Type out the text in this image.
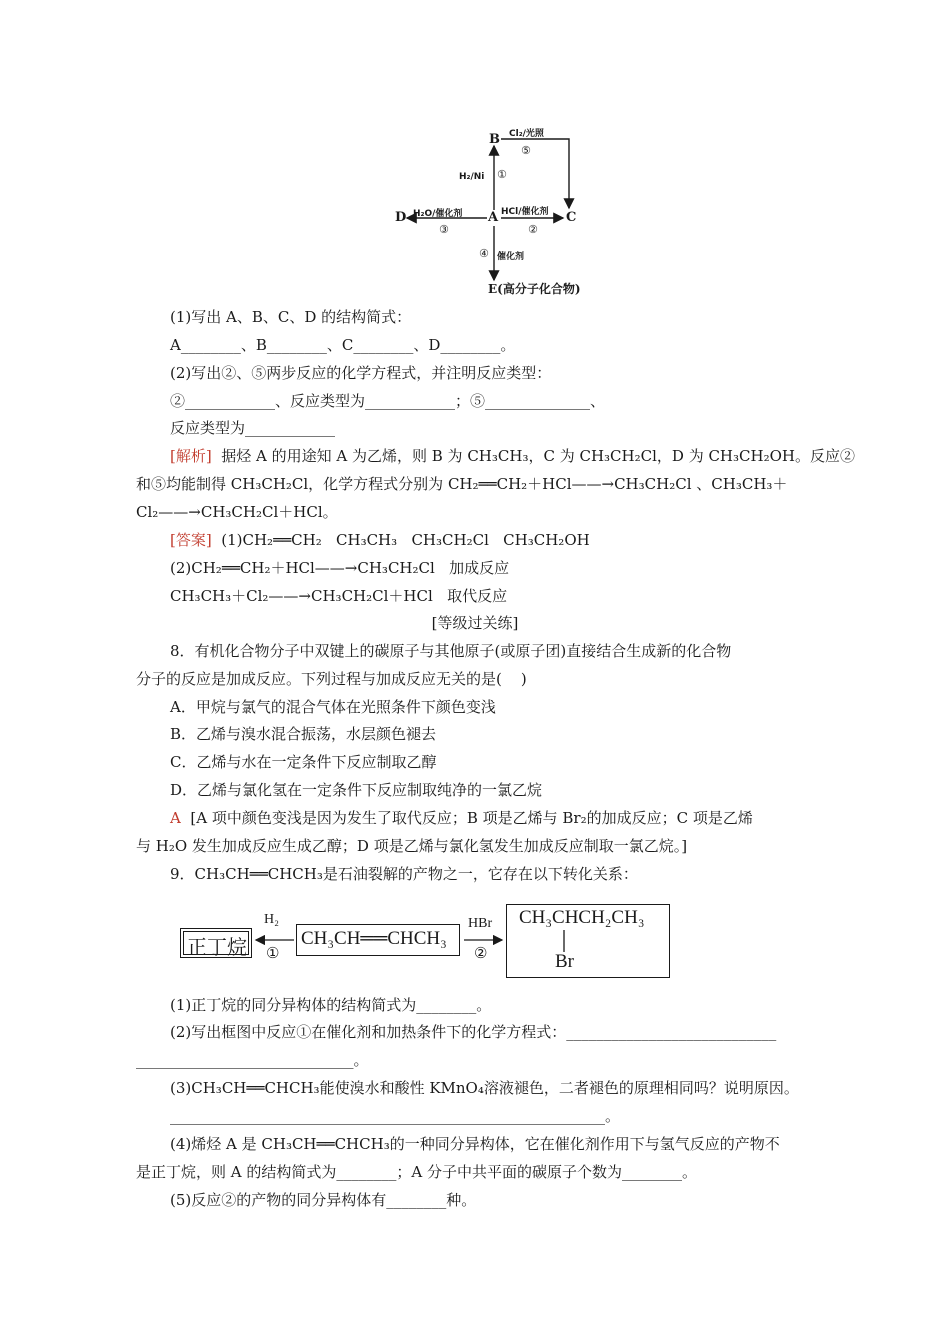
B
A	C
D
E(高分子化合物)
Cl₂/光照
⑤
H₂/Ni ①
HCl/催化剂
②
H₂O/催化剂
③
催化剂
④
(1)写出 A、B、C、D 的结构简式：
A________、B________、C________、D________。
(2)写出②、⑤两步反应的化学方程式，并注明反应类型：
②____________、反应类型为____________；⑤______________、
反应类型为____________
[解析]  据烃 A 的用途知 A 为乙烯，则 B 为 CH₃CH₃，C 为 CH₃CH₂Cl，D 为 CH₃CH₂OH。反应②
和⑤均能制得 CH₃CH₂Cl，化学方程式分别为 CH₂══CH₂＋HCl——→CH₃CH₂Cl 、CH₃CH₃＋
Cl₂——→CH₃CH₂Cl＋HCl。
[答案]  (1)CH₂══CH₂   CH₃CH₃   CH₃CH₂Cl   CH₃CH₂OH
(2)CH₂══CH₂＋HCl——→CH₃CH₂Cl   加成反应
CH₃CH₃＋Cl₂——→CH₃CH₂Cl＋HCl   取代反应
[等级过关练]
8．有机化合物分子中双键上的碳原子与其他原子(或原子团)直接结合生成新的化合物
分子的反应是加成反应。下列过程与加成反应无关的是(    )
A．甲烷与氯气的混合气体在光照条件下颜色变浅
B．乙烯与溴水混合振荡，水层颜色褪去
C．乙烯与水在一定条件下反应制取乙醇
D．乙烯与氯化氢在一定条件下反应制取纯净的一氯乙烷
A  [A 项中颜色变浅是因为发生了取代反应；B 项是乙烯与 Br₂的加成反应；C 项是乙烯
与 H₂O 发生加成反应生成乙醇；D 项是乙烯与氯化氢发生加成反应制取一氯乙烷。]
9．CH₃CH══CHCH₃是石油裂解的产物之一，它存在以下转化关系：
正丁烷
H₂
①
CH₃CH══CHCH₃
HBr
②
CH₃CHCH₂CH₃
Br
(1)正丁烷的同分异构体的结构简式为________。
(2)写出框图中反应①在催化剂和加热条件下的化学方程式：____________________________
_____________________________。
(3)CH₃CH══CHCH₃能使溴水和酸性 KMnO₄溶液褪色，二者褪色的原理相同吗？说明原因。
__________________________________________________________。
(4)烯烃 A 是 CH₃CH══CHCH₃的一种同分异构体，它在催化剂作用下与氢气反应的产物不
是正丁烷，则 A 的结构简式为________；A 分子中共平面的碳原子个数为________。
(5)反应②的产物的同分异构体有________种。
